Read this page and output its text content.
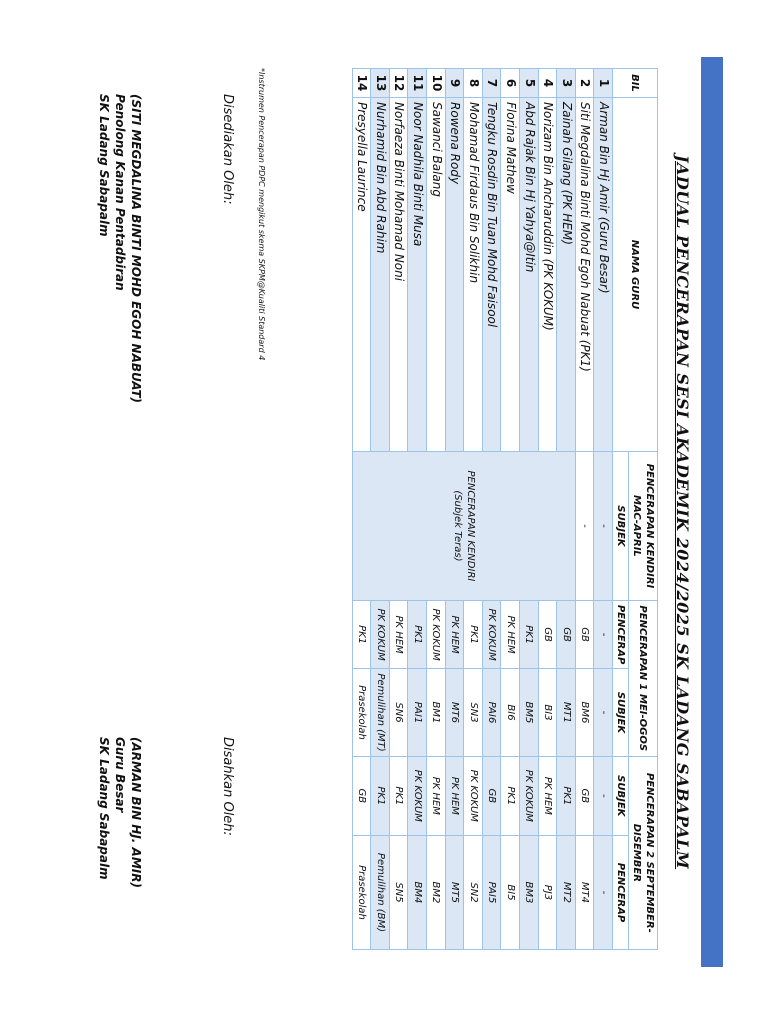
JADUAL PENCERAPAN SESI AKADEMIK 2024/2025 SK LADANG SABAPALM
BIL	NAMA GURU	PENCERAPAN KENDIRI MAC-APRIL	PENCERAPAN 1 MEI-OGOS		PENCERAPAN 2 SEPTEMBER-DISEMBER	
		SUBJEK	PENCERAP	SUBJEK	SUBJEK	PENCERAP
1	Arman Bin Hj Amir (Guru Besar)	-	-	-	-	-
2	Siti Megdalina Binti Mohd Egoh Nabuat (PK1)	-	GB	BM6	GB	MT4
3	Zainah Gilang (PK HEM)	PENCERAPAN KENDIRI (Subjek Teras)	GB	MT1	PK1	MT2
4	Norizam Bin Ancharuddin (PK KOKUM)		GB	BI3	PK HEM	PJ3
5	Abd Rajak Bin Hj Yahya@Itin		PK1	BM5	PK KOKUM	BM3
6	Florina Mathew		PK HEM	BI6	PK1	BI5
7	Tengku Rosdin Bin Tuan Mohd Faisool		PK KOKUM	PAI6	GB	PAI5
8	Mohamad Firdaus Bin Solikhin		PK1	SN3	PK KOKUM	SN2
9	Rowena Rody		PK HEM	MT6	PK HEM	MT5
10	Sawanci Balang		PK KOKUM	BM1	PK HEM	BM2
11	Noor Nadhila Binti Musa		PK1	PAI1	PK KOKUM	BM4
12	Norfaeza Binti Mohamad Noni		PK HEM	SN6	PK1	SN5
13	Nurhamid Bin Abd Rahim		PK KOKUM	Pemulihan (MT)	PK1	Pemulihan (BM)
14	Presyella Laurince		PK1	Prasekolah	GB	Prasekolah
*Instrumen Pencerapan PDPC mengikut skema SKPM@Kualiti Standard 4
Disediakan Oleh:
Disahkan Oleh:
(SITI MEGDALINA BINTI MOHD EGOH NABUAT)
Penolong Kanan Pentadbiran
SK Ladang Sabapalm
(ARMAN BIN HJ. AMIR)
Guru Besar
SK Ladang Sabapalm
